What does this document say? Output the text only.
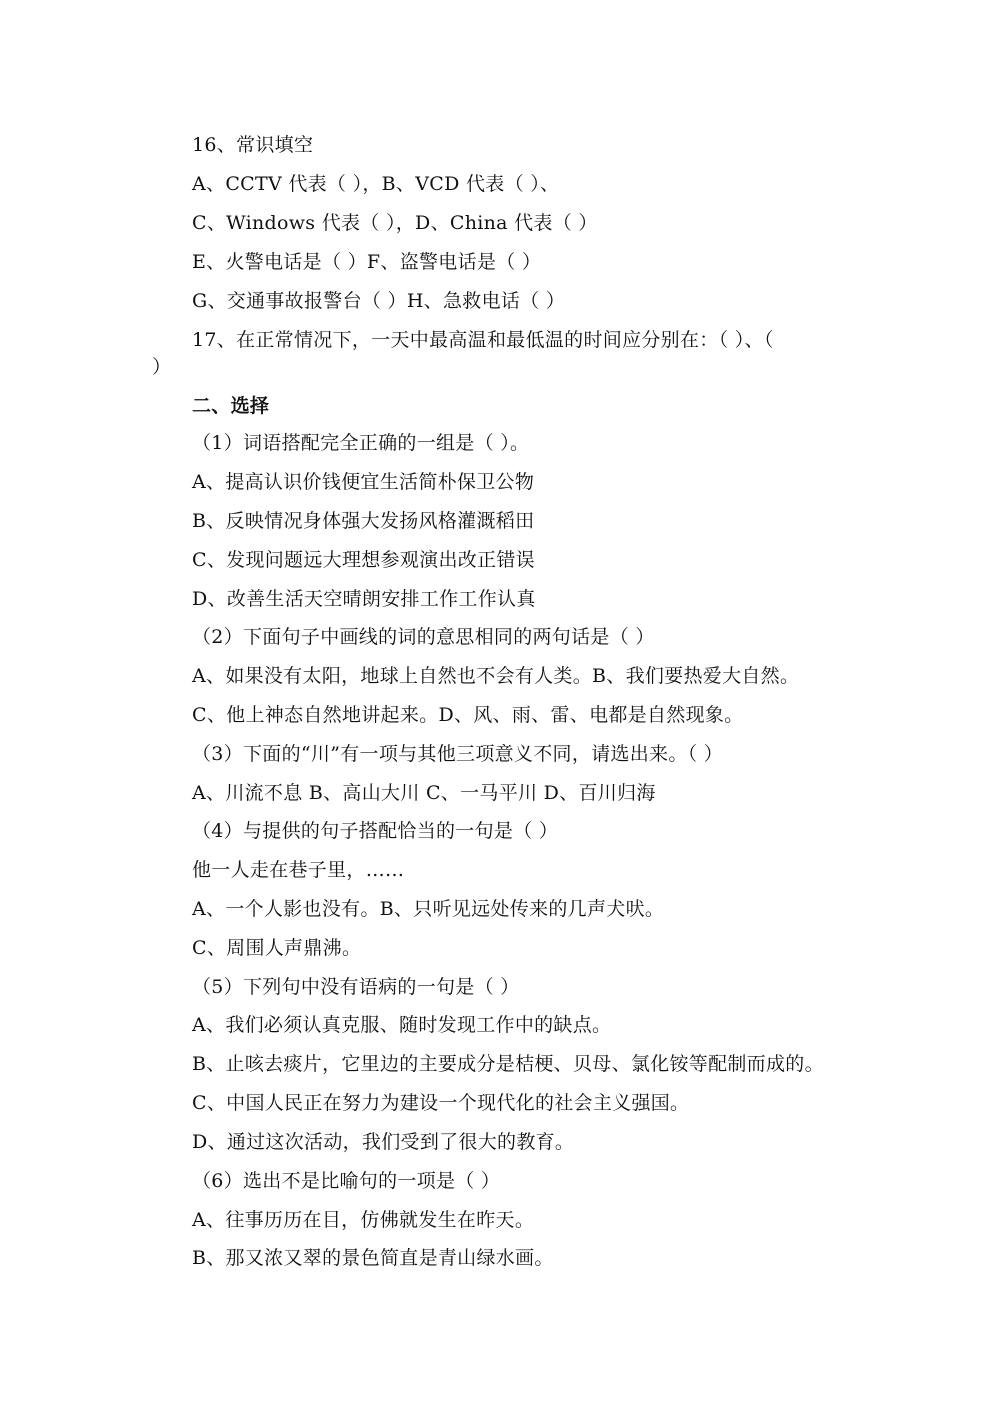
16、常识填空
A、CCTV 代表（ ），B、VCD 代表（ ）、
C、Windows 代表（ ），D、China 代表（ ）
E、火警电话是（ ）F、盗警电话是（ ）
G、交通事故报警台（ ）H、急救电话（ ）
17、在正常情况下，一天中最高温和最低温的时间应分别在：（ ）、（
）
二、选择
（1）词语搭配完全正确的一组是（ ）。
A、提高认识价钱便宜生活简朴保卫公物
B、反映情况身体强大发扬风格灌溉稻田
C、发现问题远大理想参观演出改正错误
D、改善生活天空晴朗安排工作工作认真
（2）下面句子中画线的词的意思相同的两句话是（ ）
A、如果没有太阳，地球上自然也不会有人类。B、我们要热爱大自然。
C、他上神态自然地讲起来。D、风、雨、雷、电都是自然现象。
（3）下面的“川”有一项与其他三项意义不同，请选出来。（ ）
A、川流不息 B、高山大川 C、一马平川 D、百川归海
（4）与提供的句子搭配恰当的一句是（ ）
他一人走在巷子里，……
A、一个人影也没有。B、只听见远处传来的几声犬吠。
C、周围人声鼎沸。
（5）下列句中没有语病的一句是（ ）
A、我们必须认真克服、随时发现工作中的缺点。
B、止咳去痰片，它里边的主要成分是桔梗、贝母、氯化铵等配制而成的。
C、中国人民正在努力为建设一个现代化的社会主义强国。
D、通过这次活动，我们受到了很大的教育。
（6）选出不是比喻句的一项是（ ）
A、往事历历在目，仿佛就发生在昨天。
B、那又浓又翠的景色简直是青山绿水画。
